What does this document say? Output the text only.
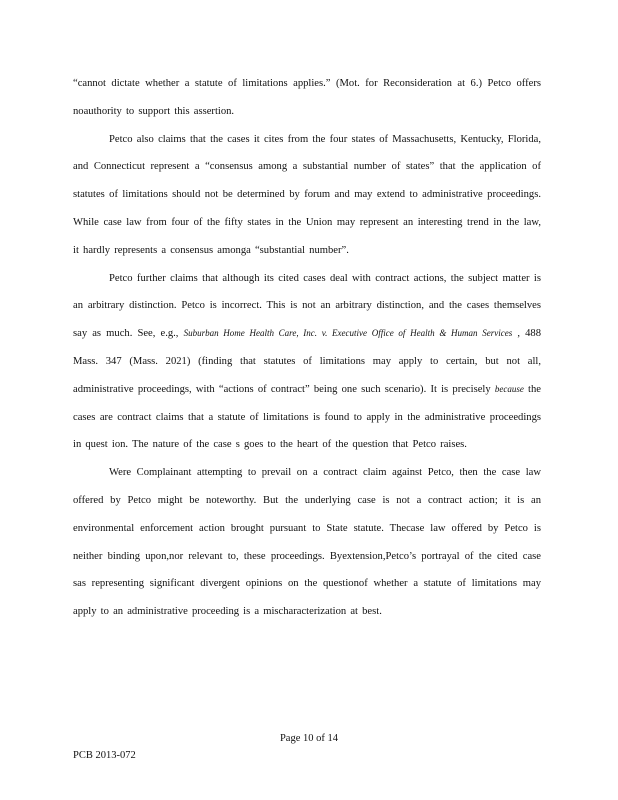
“cannot dictate whether a statute of limitations applies.” (Mot. for Reconsideration at 6.) Petco offers noauthority to support this assertion.

Petco also claims that the cases it cites from the four states of Massachusetts, Kentucky, Florida, and Connecticut represent a “consensus among a substantial number of states” that the application of statutes of limitations should not be determined by forum and may extend to administrative proceedings. While case law from four of the fifty states in the Union may represent an interesting trend in the law, it hardly represents a consensus amonga “substantial number”.

Petco further claims that although its cited cases deal with contract actions, the subject matter is an arbitrary distinction. Petco is incorrect. This is not an arbitrary distinction, and the cases themselves say as much. See, e.g., Suburban Home Health Care, Inc. v. Executive Office of Health & Human Services , 488 Mass. 347 (Mass. 2021) (finding that statutes of limitations may apply to certain, but not all, administrative proceedings, with “actions of contract” being one such scenario). It is precisely because the cases are contract claims that a statute of limitations is found to apply in the administrative proceedings in quest ion. The nature of the case s goes to the heart of the question that Petco raises.

Were Complainant attempting to prevail on a contract claim against Petco, then the case law offered by Petco might be noteworthy. But the underlying case is not a contract action; it is an environmental enforcement action brought pursuant to State statute. Thecase law offered by Petco is neither binding upon,nor relevant to, these proceedings. Byextension,Petco’s portrayal of the cited case sas representing significant divergent opinions on the questionof whether a statute of limitations may apply to an administrative proceeding is a mischaracterization at best.

Page 10 of 14
PCB 2013-072
